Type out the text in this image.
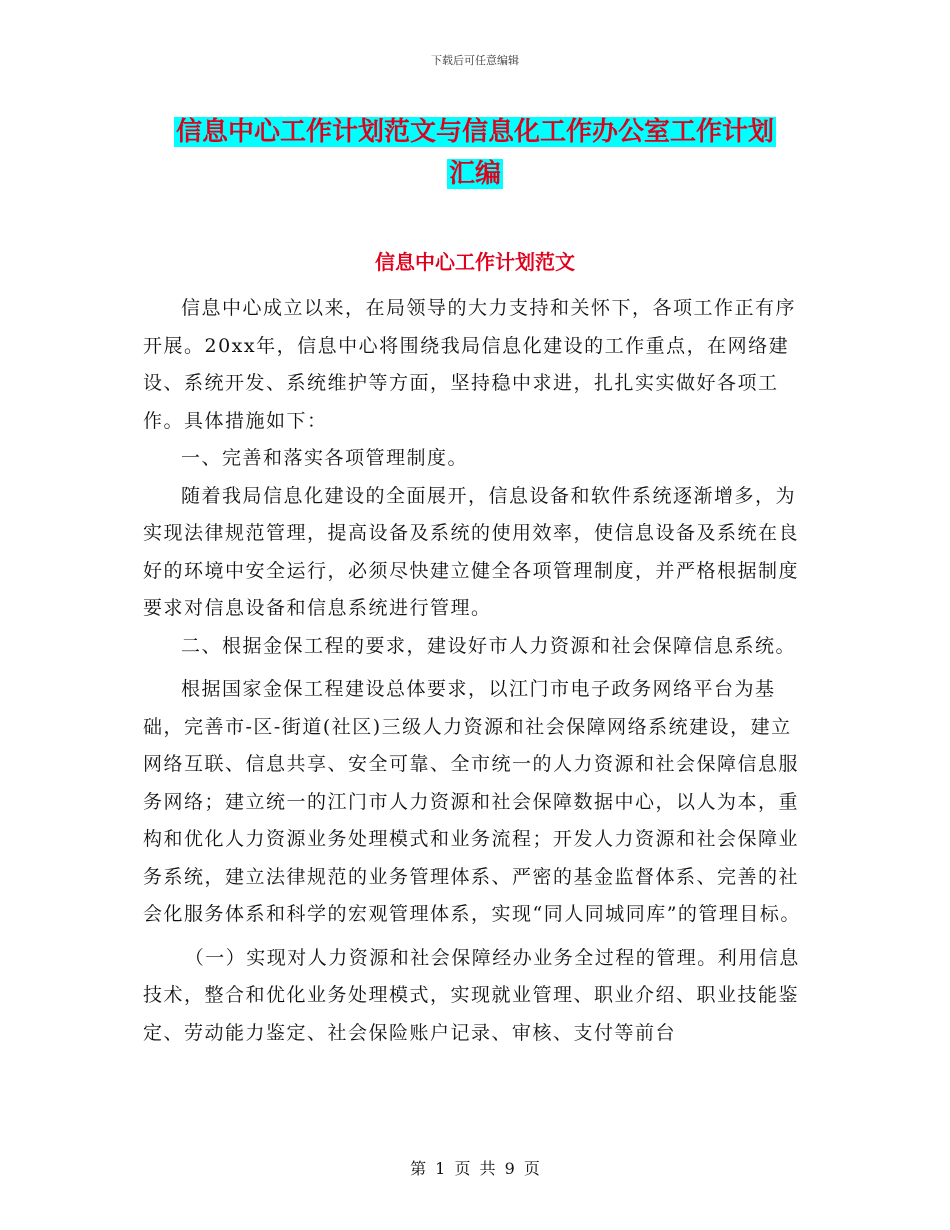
下载后可任意编辑
信息中心工作计划范文与信息化工作办公室工作计划
汇编
信息中心工作计划范文

信息中心成立以来，在局领导的大力支持和关怀下，各项工作正有序开展。20xx年，信息中心将围绕我局信息化建设的工作重点，在网络建设、系统开发、系统维护等方面，坚持稳中求进，扎扎实实做好各项工作。具体措施如下：

一、完善和落实各项管理制度。

随着我局信息化建设的全面展开，信息设备和软件系统逐渐增多，为实现法律规范管理，提高设备及系统的使用效率，使信息设备及系统在良好的环境中安全运行，必须尽快建立健全各项管理制度，并严格根据制度要求对信息设备和信息系统进行管理。

二、根据金保工程的要求，建设好市人力资源和社会保障信息系统。

根据国家金保工程建设总体要求，以江门市电子政务网络平台为基础，完善市-区-街道(社区)三级人力资源和社会保障网络系统建设，建立网络互联、信息共享、安全可靠、全市统一的人力资源和社会保障信息服务网络；建立统一的江门市人力资源和社会保障数据中心，以人为本，重构和优化人力资源业务处理模式和业务流程；开发人力资源和社会保障业务系统，建立法律规范的业务管理体系、严密的基金监督体系、完善的社会化服务体系和科学的宏观管理体系，实现“同人同城同库”的管理目标。

（一）实现对人力资源和社会保障经办业务全过程的管理。利用信息技术，整合和优化业务处理模式，实现就业管理、职业介绍、职业技能鉴定、劳动能力鉴定、社会保险账户记录、审核、支付等前台

第 1 页 共 9 页
